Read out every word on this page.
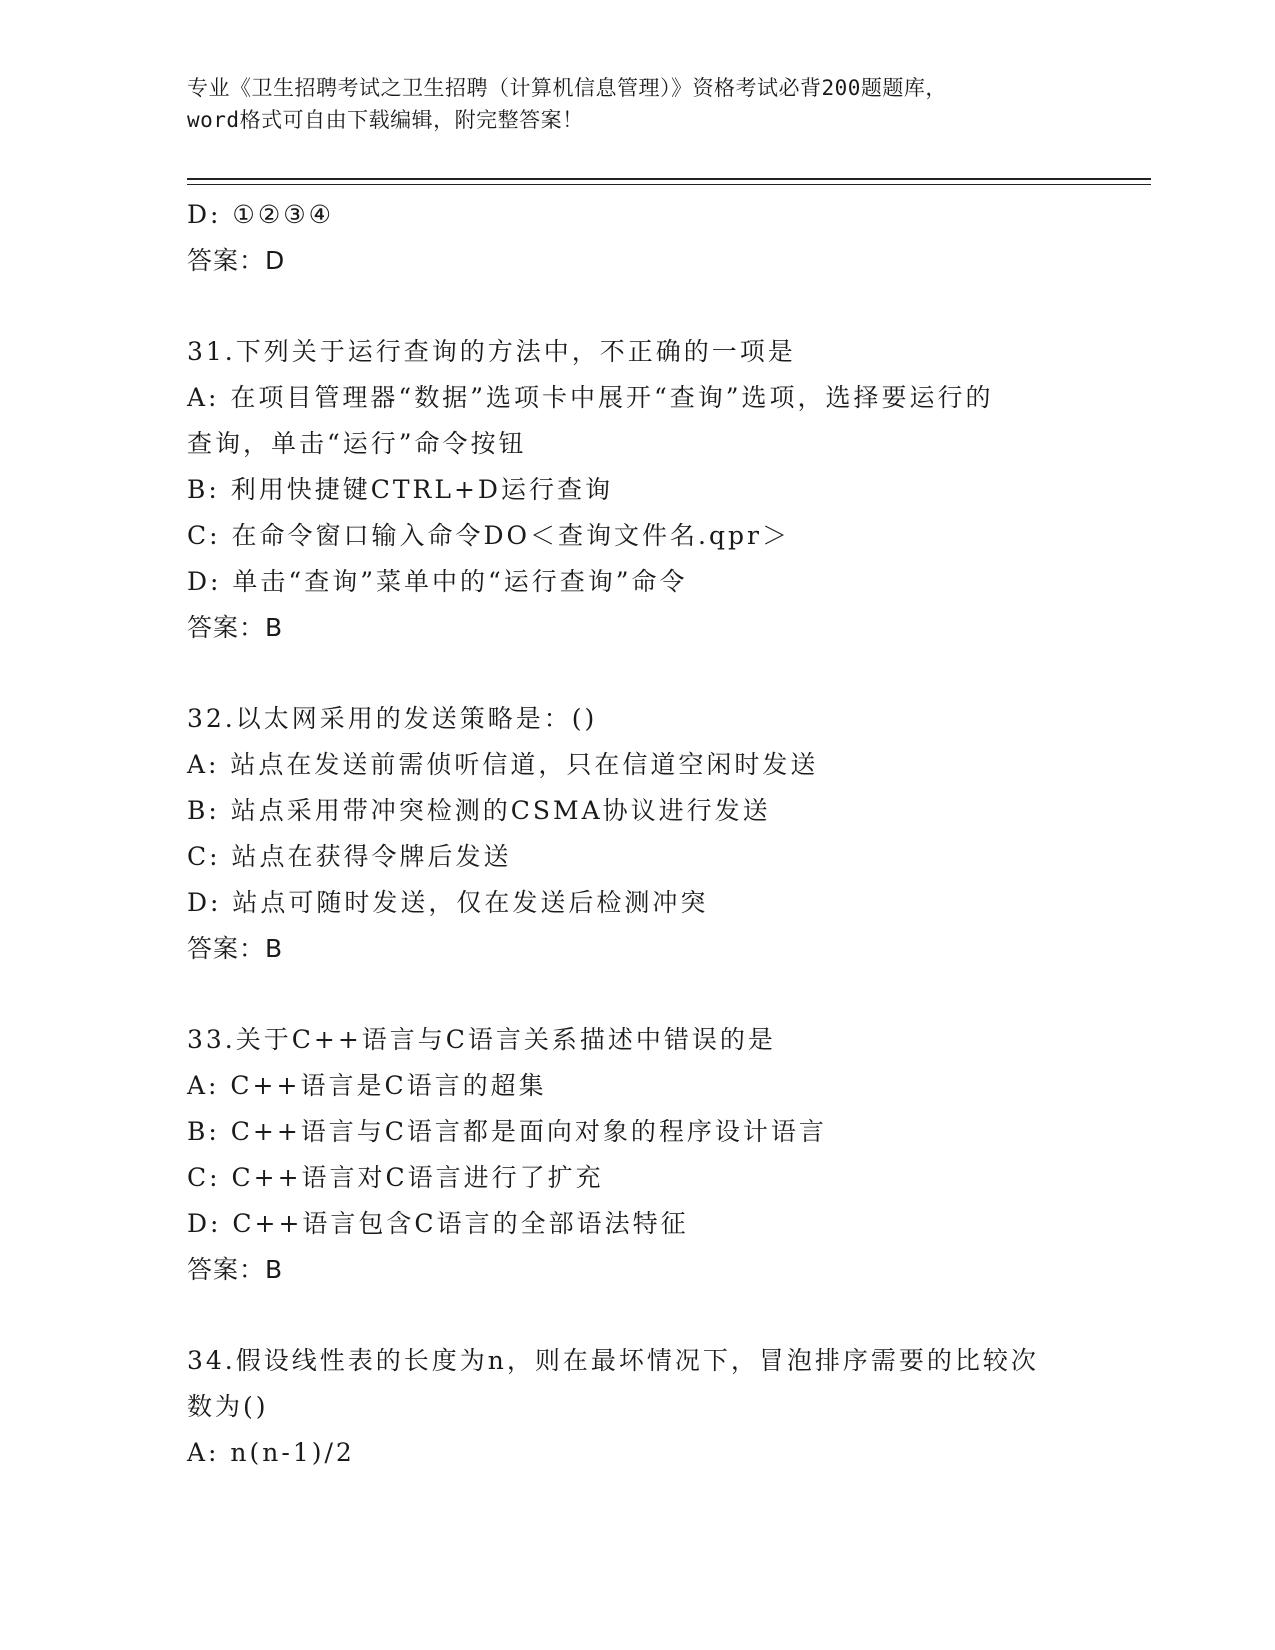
专业《卫生招聘考试之卫生招聘（计算机信息管理）》资格考试必背200题题库，
word格式可自由下载编辑，附完整答案！
D: ①②③④
答案：D
31.下列关于运行查询的方法中，不正确的一项是
A: 在项目管理器“数据”选项卡中展开“查询”选项，选择要运行的
查询，单击“运行”命令按钮
B: 利用快捷键CTRL+D运行查询
C: 在命令窗口输入命令DO＜查询文件名.qpr＞
D: 单击“查询”菜单中的“运行查询”命令
答案：B
32.以太网采用的发送策略是：()
A: 站点在发送前需侦听信道，只在信道空闲时发送
B: 站点采用带冲突检测的CSMA协议进行发送
C: 站点在获得令牌后发送
D: 站点可随时发送，仅在发送后检测冲突
答案：B
33.关于C++语言与C语言关系描述中错误的是
A: C++语言是C语言的超集
B: C++语言与C语言都是面向对象的程序设计语言
C: C++语言对C语言进行了扩充
D: C++语言包含C语言的全部语法特征
答案：B
34.假设线性表的长度为n，则在最坏情况下，冒泡排序需要的比较次
数为()
A: n(n-1)/2
